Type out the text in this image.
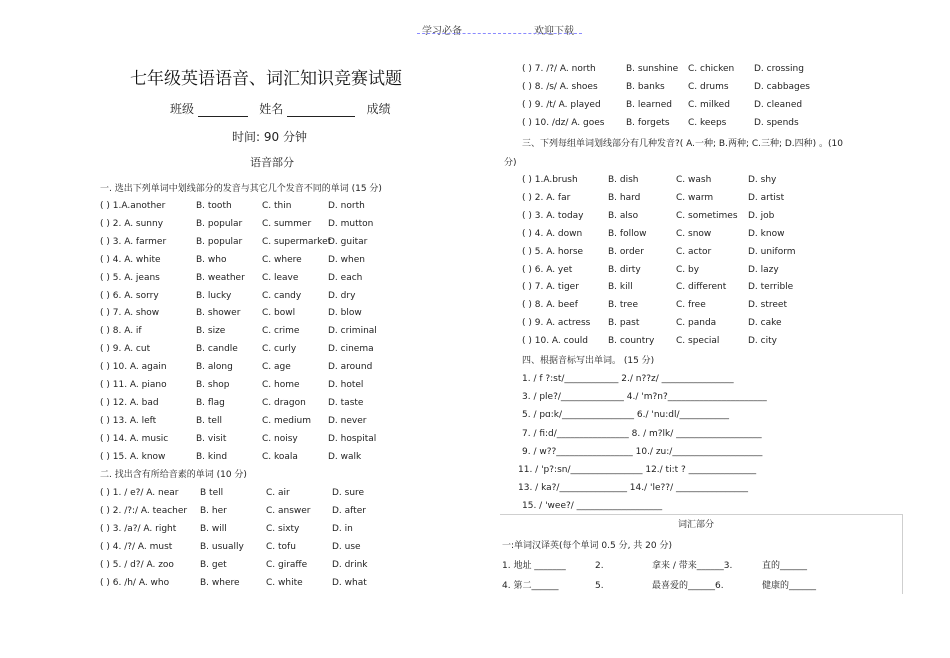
学习必备	欢迎下载
七年级英语语音、词汇知识竞赛试题
班级	姓名	成绩
时间: 90 分钟
语音部分
一. 选出下列单词中划线部分的发音与其它几个发音不同的单词 (15 分)
( ) 1.A.another	B. tooth	C. thin	D. north
( ) 2. A. sunny	B. popular C. summer D. mutton
( ) 3. A. farmer	B. popular C. supermarketD. guitar
( ) 4. A. white	B. who	C. where	D. when
( ) 5. A. jeans	B. weather C. leave	D. each
( ) 6. A. sorry	B. lucky	C. candy	D. dry
( ) 7. A. show	B. shower C. bowl	D. blow
( ) 8. A. if	B. size	C. crime	D. criminal
( ) 9. A. cut	B. candle	C. curly	D. cinema
( ) 10. A. again	B. along	C. age	D. around
( ) 11. A. piano	B. shop	C. home	D. hotel
( ) 12. A. bad	B. flag	C. dragon D. taste
( ) 13. A. left	B. tell	C. medium D. never
( ) 14. A. music	B. visit	C. noisy	D. hospital
( ) 15. A. know	B. kind	C. koala	D. walk
二. 找出含有所给音素的单词 (10 分)
( ) 1. / e?/ A. near B tell	C. air	D. sure
( ) 2. /?:/ A. teacher B. her	C. answer D. after
( ) 3. /a?/ A. right	B. will	C. sixty	D. in
( ) 4. /?/ A. must	B. usually C. tofu	D. use
( ) 5. / d?/ A. zoo	B. get	C. giraffe	D. drink
( ) 6. /h/ A. who	B. where	C. white	D. what
( ) 7. /?/ A. north	B. sunshine C. chicken D. crossing
( ) 8. /s/ A. shoes	B. banks	C. drums	D. cabbages
( ) 9. /t/ A. played	B. learned C. milked	D. cleaned
( ) 10. /dz/ A. goes B. forgets C. keeps	D. spends
三、下列每组单词划线部分有几种发音?( A.一种; B.两种; C.三种; D.四种) 。(10
分)
( ) 1.A.brush	B. dish	C. wash	D. shy
( ) 2. A. far	B. hard	C. warm	D. artist
( ) 3. A. today	B. also	C. sometimes D. job
( ) 4. A. down	B. follow	C. snow	D. know
( ) 5. A. horse	B. order	C. actor	D. uniform
( ) 6. A. yet	B. dirty	C. by	D. lazy
( ) 7. A. tiger	B. kill	C. different D. terrible
( ) 8. A. beef	B. tree	C. free	D. street
( ) 9. A. actress B. past	C. panda	D. cake
( ) 10. A. could B. country C. special	D. city
四、根据音标写出单词。 (15 分)
1. / f ?:st/____________ 2./ n??z/ ________________
3. / ple?/______________ 4./ 'm?n?______________________
5. / pɑ:k/________________ 6./ 'nu:dl/___________
7. / fi:d/________________ 8. / m?lk/ ___________________
9. / w??_________________ 10./ zu:/____________________
11. / 'p?:sn/________________ 12./ ti:t ? _______________
13. / ka?/_______________ 14./ 'le??/ ________________
15. / 'wee?/ ___________________
词汇部分
一:单词汉译英(每个单词 0.5 分, 共 20 分)
1. 地址 _______	2.	拿来 / 带来______3.	直的______
4. 第二______	5.	最喜爱的______6.	健康的______
